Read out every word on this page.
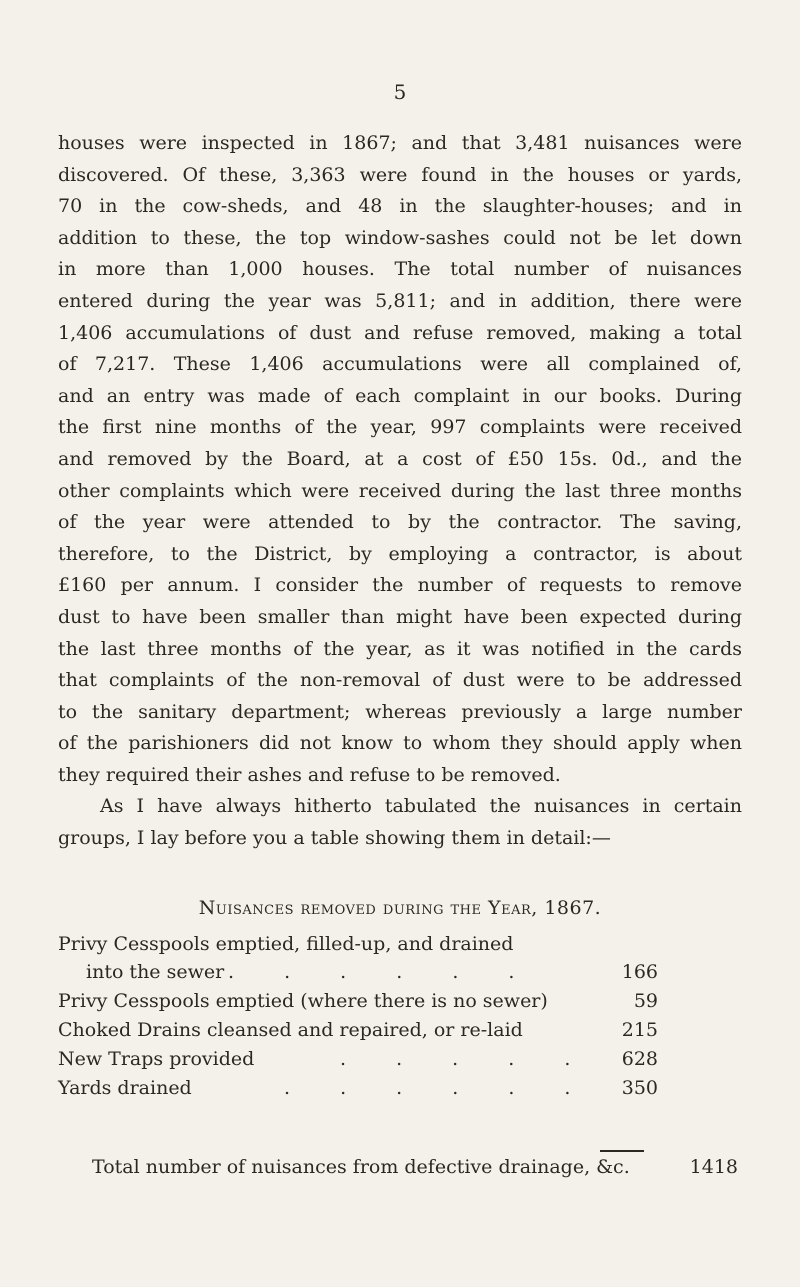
5
houses were inspected in 1867; and that 3,481 nuisances were
discovered. Of these, 3,363 were found in the houses or yards,
70 in the cow-sheds, and 48 in the slaughter-houses; and in
addition to these, the top window-sashes could not be let down
in more than 1,000 houses. The total number of nuisances
entered during the year was 5,811; and in addition, there were
1,406 accumulations of dust and refuse removed, making a total
of 7,217. These 1,406 accumulations were all complained of,
and an entry was made of each complaint in our books. During
the first nine months of the year, 997 complaints were received
and removed by the Board, at a cost of £50 15s. 0d., and the
other complaints which were received during the last three months
of the year were attended to by the contractor. The saving,
therefore, to the District, by employing a contractor, is about
£160 per annum. I consider the number of requests to remove
dust to have been smaller than might have been expected during
the last three months of the year, as it was notified in the cards
that complaints of the non-removal of dust were to be addressed
to the sanitary department; whereas previously a large number
of the parishioners did not know to whom they should apply when
they required their ashes and refuse to be removed.
As I have always hitherto tabulated the nuisances in certain
groups, I lay before you a table showing them in detail:—
Nuisances removed during the Year, 1867.
Privy Cesspools emptied, filled-up, and drained
into the sewer . . . . . .	166
Privy Cesspools emptied (where there is no sewer)	59
Choked Drains cleansed and repaired, or re-laid	215
New Traps provided	. . . . . 628
Yards drained	. . . . . . 350
Total number of nuisances from defective drainage, &c.	1418
